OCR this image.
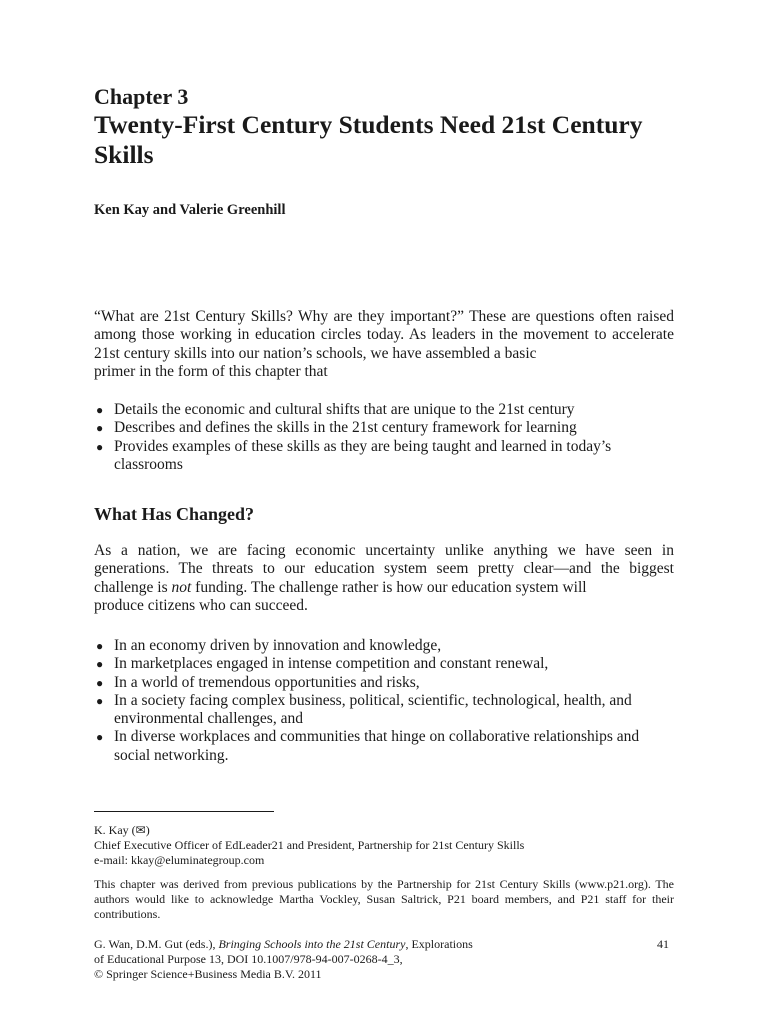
Chapter 3
Twenty-First Century Students Need 21st Century Skills
Ken Kay and Valerie Greenhill

“What are 21st Century Skills? Why are they important?” These are questions often raised among those working in education circles today. As leaders in the movement to accelerate 21st century skills into our nation’s schools, we have assembled a basic
primer in the form of this chapter that

● Details the economic and cultural shifts that are unique to the 21st century
● Describes and defines the skills in the 21st century framework for learning
● Provides examples of these skills as they are being taught and learned in today’s classrooms
What Has Changed?

As a nation, we are facing economic uncertainty unlike anything we have seen in generations. The threats to our education system seem pretty clear—and the biggest challenge is not funding. The challenge rather is how our education system will
produce citizens who can succeed.

● In an economy driven by innovation and knowledge,
● In marketplaces engaged in intense competition and constant renewal,
● In a world of tremendous opportunities and risks,
● In a society facing complex business, political, scientific, technological, health, and environmental challenges, and
● In diverse workplaces and communities that hinge on collaborative relationships and social networking.

K. Kay (✉)
Chief Executive Officer of EdLeader21 and President, Partnership for 21st Century Skills
e-mail: kkay@eluminategroup.com

This chapter was derived from previous publications by the Partnership for 21st Century Skills (www.p21.org). The authors would like to acknowledge Martha Vockley, Susan Saltrick, P21 board members, and P21 staff for their contributions.

G. Wan, D.M. Gut (eds.), Bringing Schools into the 21st Century, Explorations
of Educational Purpose 13, DOI 10.1007/978-94-007-0268-4_3,
© Springer Science+Business Media B.V. 2011

41
